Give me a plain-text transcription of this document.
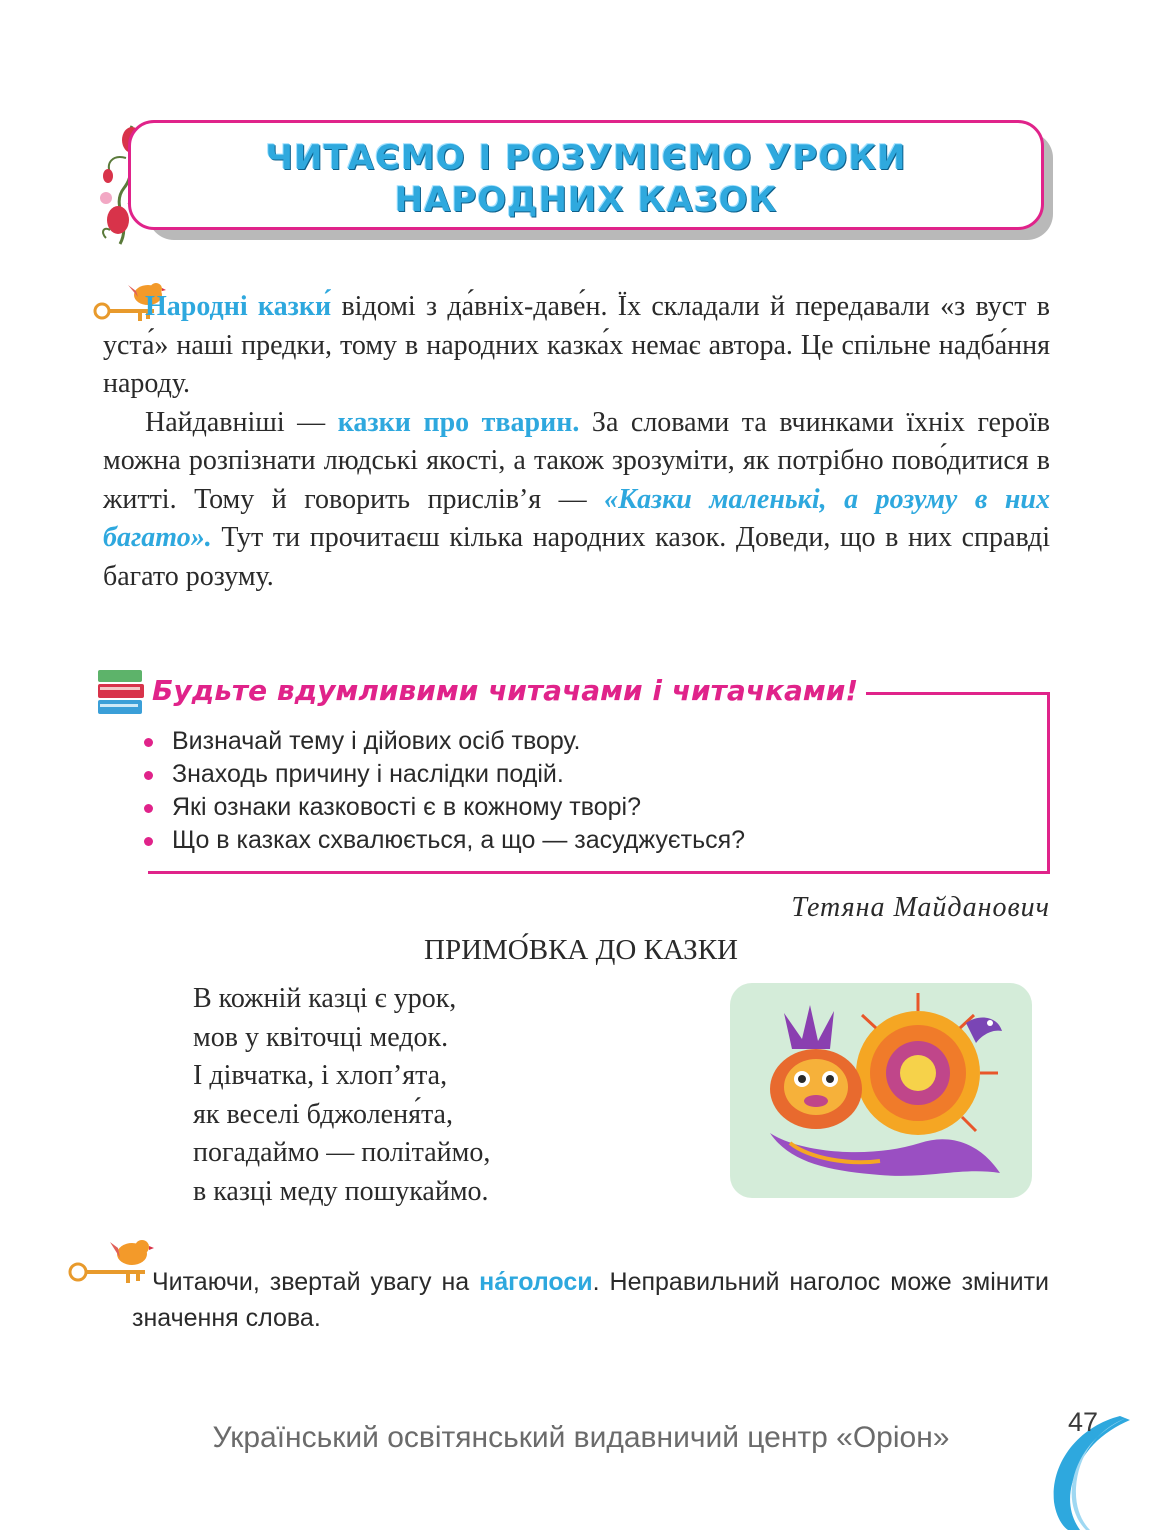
ЧИТАЄМО І РОЗУМІЄМО УРОКИ
НАРОДНИХ КАЗОК

Народні казки́ відомі з да́вніх-даве́н. Їх складали й передавали «з вуст в уста́» наші предки, тому в народних казка́х немає автора. Це спільне надба́ння народу.

Найдавніші — казки про тварин. За словами та вчинками їхніх героїв можна розпізнати людські якості, а також зрозуміти, як потрібно пово́дитися в житті. Тому й говорить прислів’я — «Казки маленькі, а розуму в них багато». Тут ти прочитаєш кілька народних казок. Доведи, що в них справді багато розуму.

Будьте вдумливими читачами і читачками!
Визначай тему і дійових осіб твору.
Знаходь причину і наслідки подій.
Які ознаки казковості є в кожному творі?
Що в казках схвалюється, а що — засуджується?
Тетяна Майданович
ПРИМО́ВКА ДО КАЗКИ
В кожній казці є урок,
мов у квіточці медок.
І дівчатка, і хлоп’ята,
як веселі бджоленя́та,
погадаймо — політаймо,
в казці меду пошукаймо.

Читаючи, звертай увагу на на́голоси. Неправильний наголос може змінити значення слова.

Український освітянський видавничий центр «Оріон»	47
